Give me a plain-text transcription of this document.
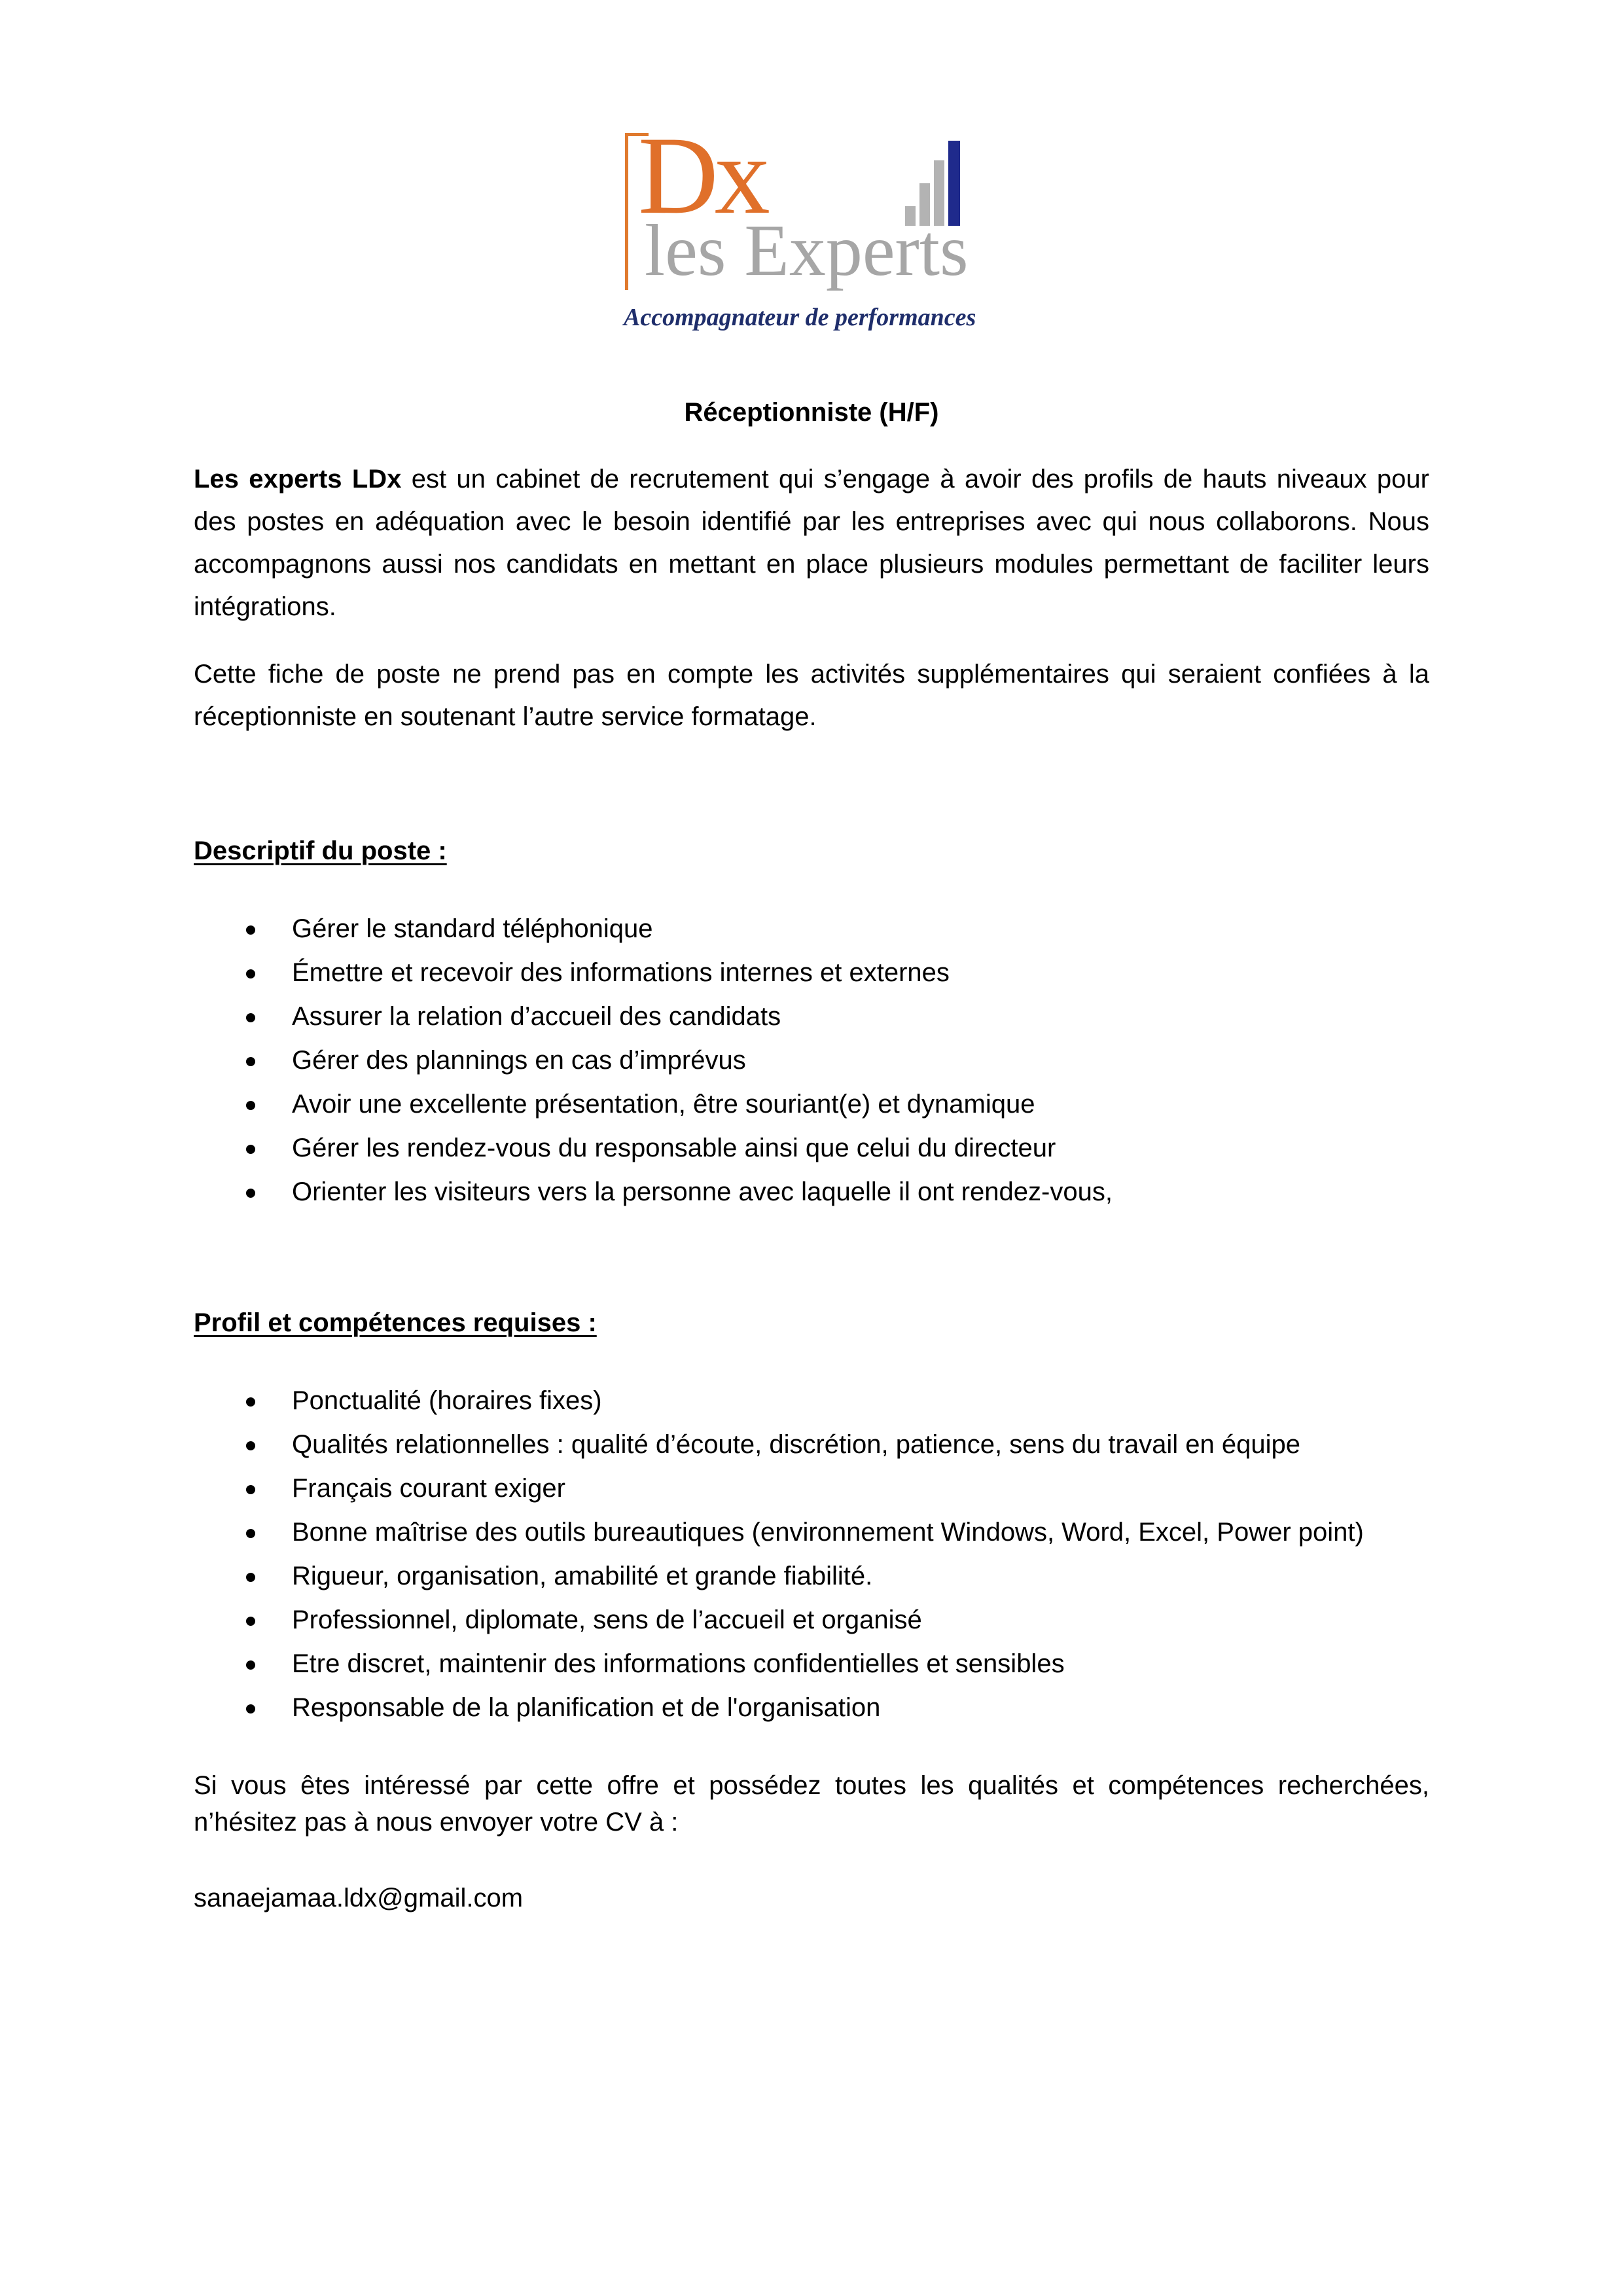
Dx
les Experts
Accompagnateur de performances
Réceptionniste (H/F)

Les experts LDx est un cabinet de recrutement qui s’engage à avoir des profils de hauts niveaux pour des postes en adéquation avec le besoin identifié par les entreprises avec qui nous collaborons. Nous accompagnons aussi nos candidats en mettant en place plusieurs modules permettant de faciliter leurs intégrations.

Cette fiche de poste ne prend pas en compte les activités supplémentaires qui seraient confiées à la réceptionniste en soutenant l’autre service formatage.

Descriptif du poste :
Gérer le standard téléphonique
Émettre et recevoir des informations internes et externes
Assurer la relation d’accueil des candidats
Gérer des plannings en cas d’imprévus
Avoir une excellente présentation, être souriant(e) et dynamique
Gérer les rendez-vous du responsable ainsi que celui du directeur
Orienter les visiteurs vers la personne avec laquelle il ont rendez-vous,
Profil et compétences requises :
Ponctualité (horaires fixes)
Qualités relationnelles : qualité d’écoute, discrétion, patience, sens du travail en équipe
Français courant exiger
Bonne maîtrise des outils bureautiques (environnement Windows, Word, Excel, Power point)
Rigueur, organisation, amabilité et grande fiabilité.
Professionnel, diplomate, sens de l’accueil et organisé
Etre discret, maintenir des informations confidentielles et sensibles
Responsable de la planification et de l'organisation

Si vous êtes intéressé par cette offre et possédez toutes les qualités et compétences recherchées, n’hésitez pas à nous envoyer votre CV à :

sanaejamaa.ldx@gmail.com
